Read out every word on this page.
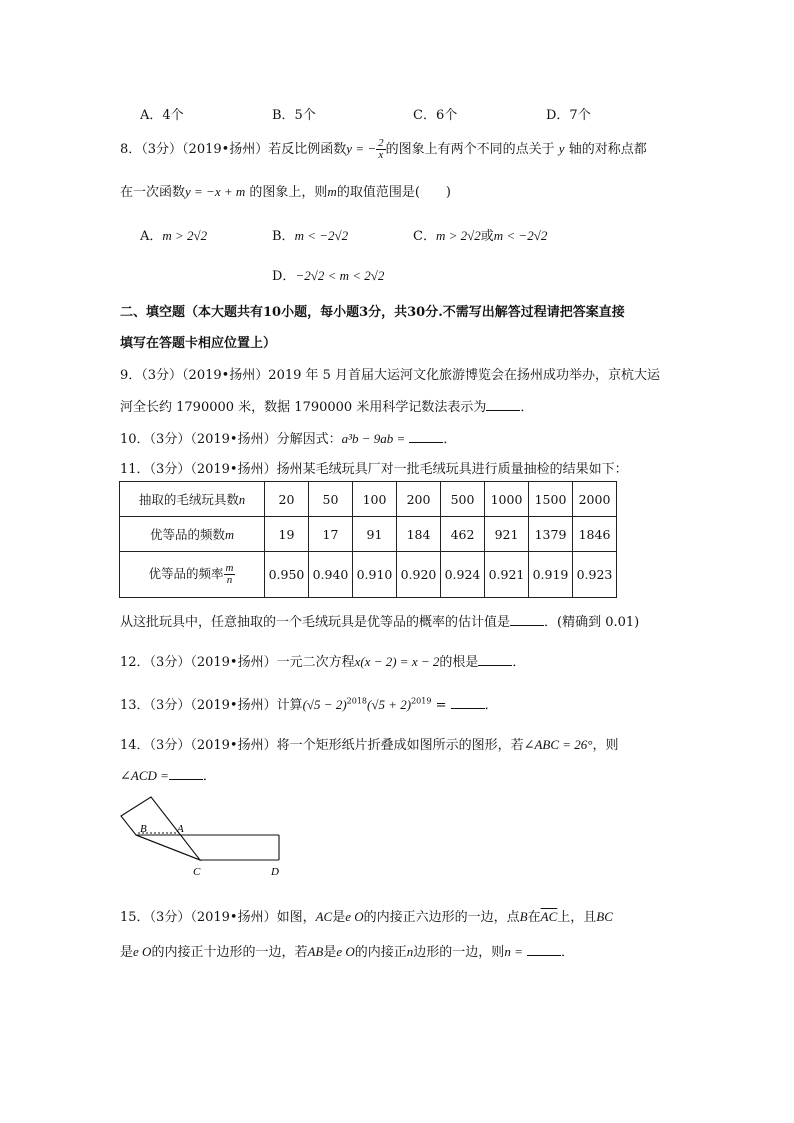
A．4个	B．5个	C．6个	D．7个
8．（3分）（2019•扬州）若反比例函数y = − $\frac{2}{x}$ 的图象上有两个不同的点关于 y 轴的对称点都
在一次函数y = −x + m 的图象上，则m的取值范围是(　　)
A．m > 2√2	B．m < −2√2	C．m > 2√2或m < −2√2
D．−2√2 < m < 2√2
二、填空题（本大题共有10小题，每小题3分，共30分.不需写出解答过程请把答案直接
填写在答题卡相应位置上）
9．（3分）（2019•扬州）2019 年 5 月首届大运河文化旅游博览会在扬州成功举办，京杭大运
河全长约 1790000 米，数据 1790000 米用科学记数法表示为	．
10．（3分）（2019•扬州）分解因式：a³b − 9ab =	．
11．（3分）（2019•扬州）扬州某毛绒玩具厂对一批毛绒玩具进行质量抽检的结果如下：
抽取的毛绒玩具数n	20	50	100	200	500	1000	1500	2000
优等品的频数m	19	17	91	184	462	921	1379	1846
优等品的频率 $\frac{m}{n}$	0.950	0.940	0.910	0.920	0.924	0.921	0.919	0.923
从这批玩具中，任意抽取的一个毛绒玩具是优等品的概率的估计值是	．(精确到 0.01)
12．（3分）（2019•扬州）一元二次方程x(x − 2) = x − 2的根是	．
13．（3分）（2019•扬州）计算$(√5 - 2)^{2018}(√5 + 2)^{2019}$ =	．
14．（3分）（2019•扬州）将一个矩形纸片折叠成如图所示的图形，若∠ABC = 26°，则
∠ACD =	．
B	A
C	D
15．（3分）（2019•扬州）如图，AC是e O的内接正六边形的一边，点B在$\overline{AC}$上，且BC
是e O的内接正十边形的一边，若AB是e O的内接正n边形的一边，则n =	．
